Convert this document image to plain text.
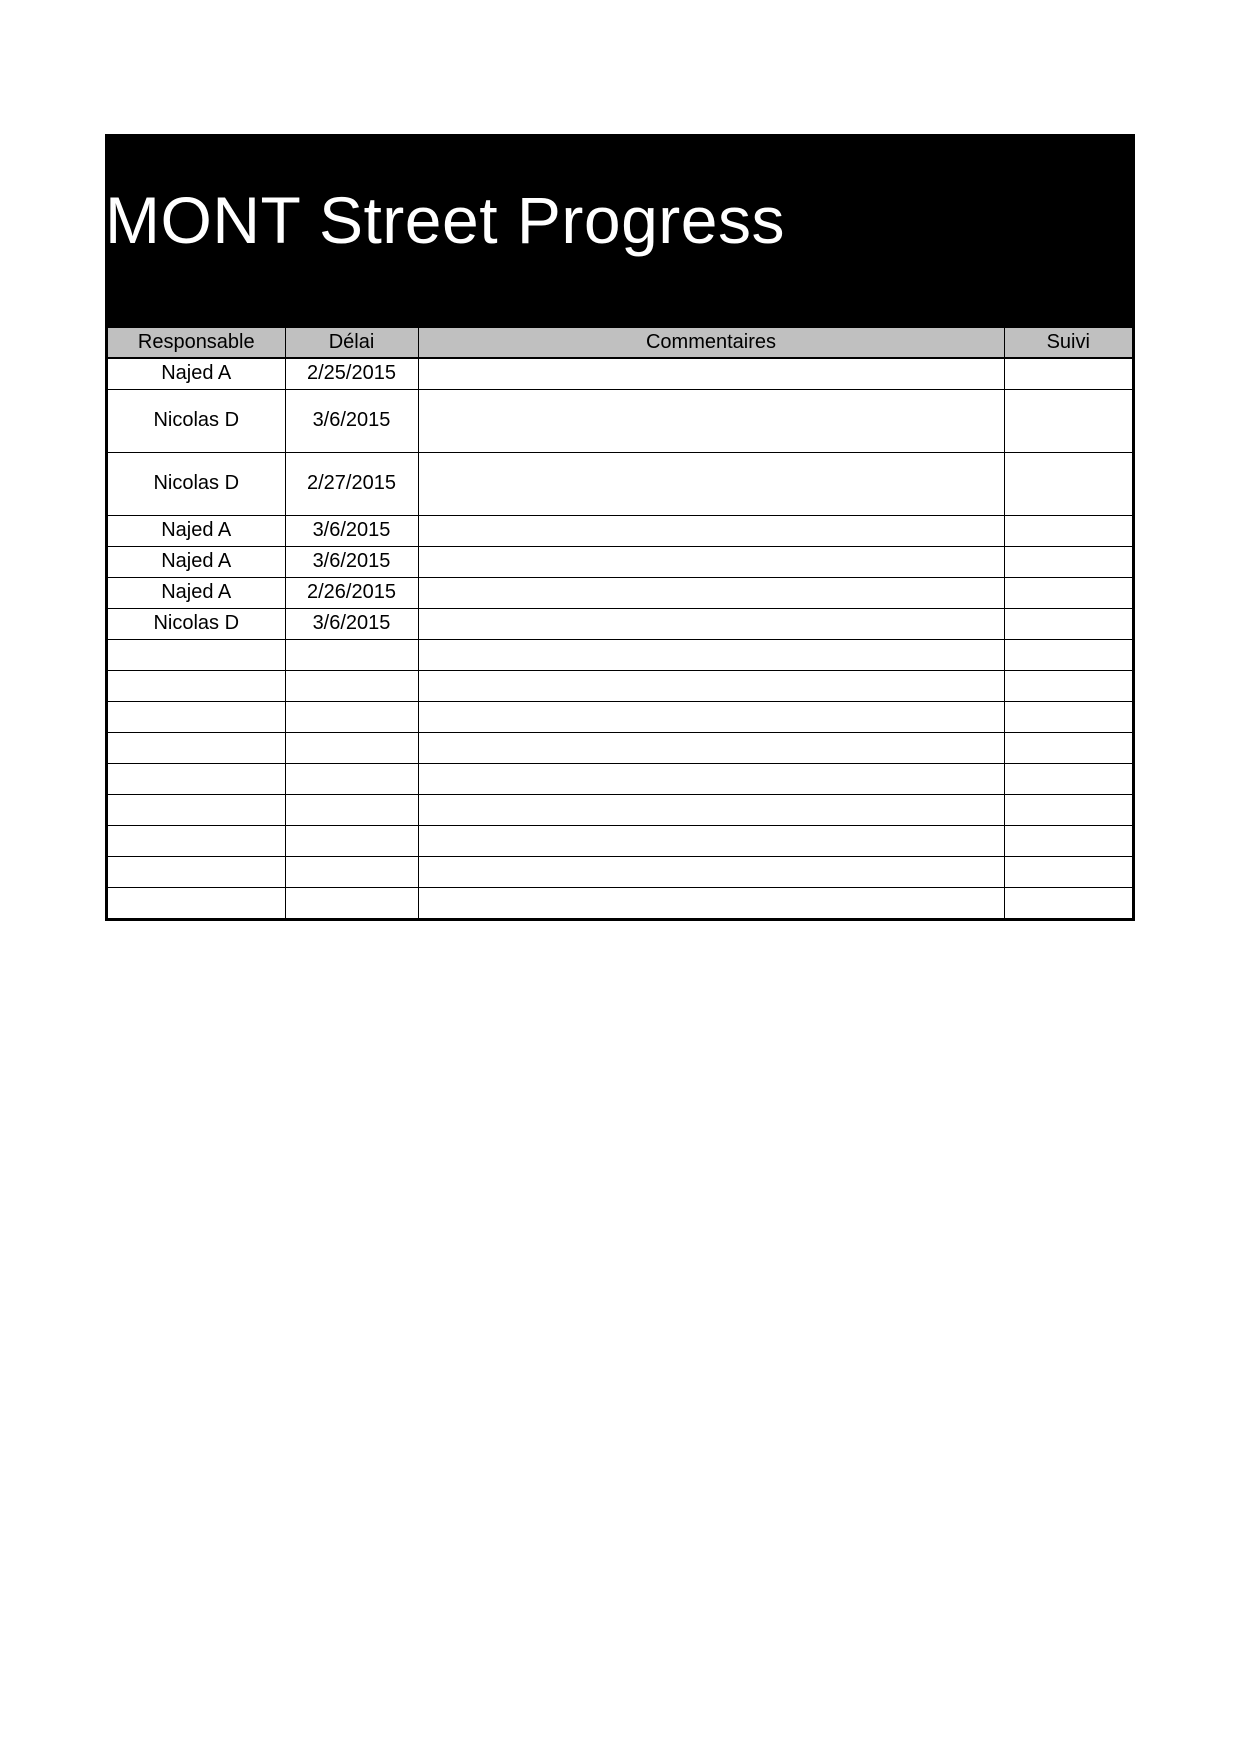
MONT Street Progress
Responsable	Délai	Commentaires	Suivi
Najed A	2/25/2015		
Nicolas D	3/6/2015		
Nicolas D	2/27/2015		
Najed A	3/6/2015		
Najed A	3/6/2015		
Najed A	2/26/2015		
Nicolas D	3/6/2015		
